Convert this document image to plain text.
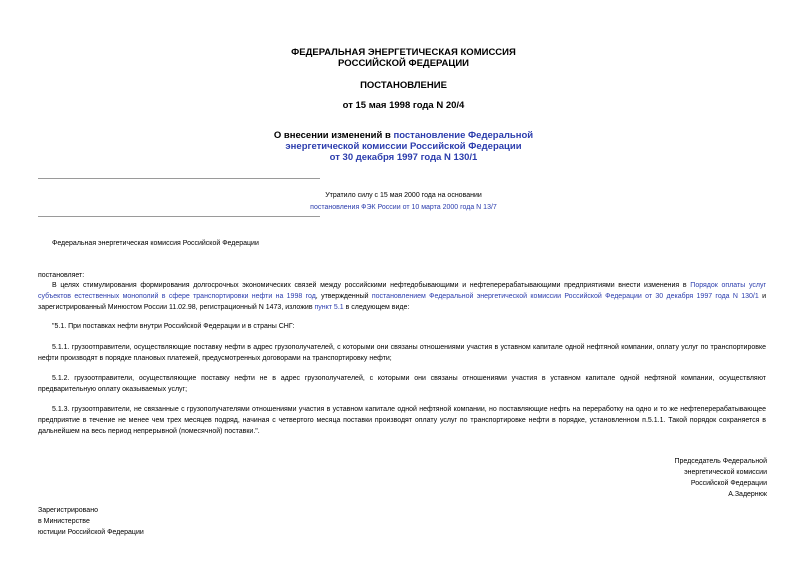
ФЕДЕРАЛЬНАЯ ЭНЕРГЕТИЧЕСКАЯ КОМИССИЯ
РОССИЙСКОЙ ФЕДЕРАЦИИ
ПОСТАНОВЛЕНИЕ
от 15 мая 1998 года N 20/4
О внесении изменений в постановление Федеральной
энергетической комиссии Российской Федерации
от 30 декабря 1997 года N 130/1
Утратило силу с 15 мая 2000 года на основании
постановления ФЭК России от 10 марта 2000 года N 13/7
Федеральная энергетическая комиссия Российской Федерации
постановляет:
В целях стимулирования формирования долгосрочных экономических связей между российскими нефтедобывающими и нефтеперерабатывающими предприятиями внести изменения в Порядок оплаты услуг субъектов естественных монополий в сфере транспортировки нефти на 1998 год, утвержденный постановлением Федеральной энергетической комиссии Российской Федерации от 30 декабря 1997 года N 130/1 и зарегистрированный Минюстом России 11.02.98, регистрационный N 1473, изложив пункт 5.1 в следующем виде:
"5.1. При поставках нефти внутри Российской Федерации и в страны СНГ:
5.1.1. грузоотправители, осуществляющие поставку нефти в адрес грузополучателей, с которыми они связаны отношениями участия в уставном капитале одной нефтяной компании, оплату услуг по транспортировке нефти производят в порядке плановых платежей, предусмотренных договорами на транспортировку нефти;
5.1.2. грузоотправители, осуществляющие поставку нефти не в адрес грузополучателей, с которыми они связаны отношениями участия в уставном капитале одной нефтяной компании, осуществляют предварительную оплату оказываемых услуг;
5.1.3. грузоотправители, не связанные с грузополучателями отношениями участия в уставном капитале одной нефтяной компании, но поставляющие нефть на переработку на одно и то же нефтеперерабатывающее предприятие в течение не менее чем трех месяцев подряд, начиная с четвертого месяца поставки производят оплату услуг по транспортировке нефти в порядке, установленном п.5.1.1. Такой порядок сохраняется в дальнейшем на весь период непрерывной (помесячной) поставки.".
Председатель Федеральной
энергетической комиссии
Российской Федерации
А.Задернюк
Зарегистрировано
в Министерстве
юстиции Российской Федерации
